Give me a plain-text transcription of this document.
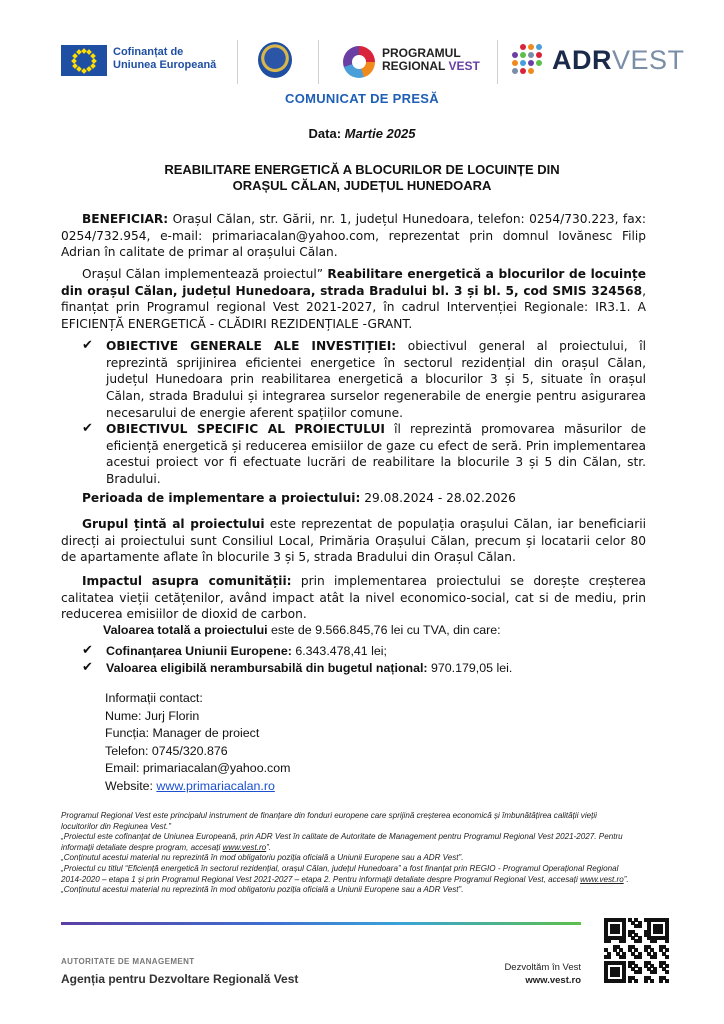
Cofinanțat de
Uniunea Europeană
PROGRAMUL
REGIONAL VEST	ADRVEST
COMUNICAT DE PRESĂ
Data: Martie 2025
REABILITARE ENERGETICĂ A BLOCURILOR DE LOCUINȚE DIN
ORAȘUL CĂLAN, JUDEȚUL HUNEDOARA
BENEFICIAR: Orașul Călan, str. Gării, nr. 1, județul Hunedoara, telefon: 0254/730.223, fax: 0254/732.954, e-mail: primariacalan@yahoo.com, reprezentat prin domnul Iovănesc Filip Adrian în calitate de primar al orașului Călan.
Orașul Călan implementează proiectul” Reabilitare energetică a blocurilor de locuințe din orașul Călan, județul Hunedoara, strada Bradului bl. 3 și bl. 5, cod SMIS 324568, finanțat prin Programul regional Vest 2021-2027, în cadrul Intervenției Regionale: IR3.1. A EFICIENȚĂ ENERGETICĂ - CLĂDIRI REZIDENȚIALE -GRANT.
✔ OBIECTIVE GENERALE ALE INVESTIȚIEI: obiectivul general al proiectului, îl reprezintă sprijinirea eficientei energetice în sectorul rezidențial din orașul Călan, județul Hunedoara prin reabilitarea energetică a blocurilor 3 și 5, situate în orașul Călan, strada Bradului și integrarea surselor regenerabile de energie pentru asigurarea necesarului de energie aferent spațiilor comune.
✔ OBIECTIVUL SPECIFIC AL PROIECTULUI îl reprezintă promovarea măsurilor de eficiență energetică și reducerea emisiilor de gaze cu efect de seră. Prin implementarea acestui proiect vor fi efectuate lucrări de reabilitare la blocurile 3 și 5 din Călan, str. Bradului.
Perioada de implementare a proiectului: 29.08.2024 - 28.02.2026
Grupul țintă al proiectului este reprezentat de populația orașului Călan, iar beneficiarii direcți ai proiectului sunt Consiliul Local, Primăria Orașului Călan, precum și locatarii celor 80 de apartamente aflate în blocurile 3 și 5, strada Bradului din Orașul Călan.
Impactul asupra comunității: prin implementarea proiectului se dorește creșterea calitatea vieții cetățenilor, având impact atât la nivel economico-social, cat si de mediu, prin reducerea emisiilor de dioxid de carbon.
Valoarea totală a proiectului este de 9.566.845,76 lei cu TVA, din care:
✔ Cofinanțarea Uniunii Europene: 6.343.478,41 lei;
✔ Valoarea eligibilă nerambursabilă din bugetul național: 970.179,05 lei.
Informații contact:
Nume: Jurj Florin
Funcția: Manager de proiect
Telefon: 0745/320.876
Email: primariacalan@yahoo.com
Website: www.primariacalan.ro
Programul Regional Vest este principalul instrument de finanțare din fonduri europene care sprijină creșterea economică și îmbunătățirea calității vieții locuitorilor din Regiunea Vest.”
„Proiectul este cofinanțat de Uniunea Europeană, prin ADR Vest în calitate de Autoritate de Management pentru Programul Regional Vest 2021-2027. Pentru informații detaliate despre program, accesați www.vest.ro”.
„Conținutul acestui material nu reprezintă în mod obligatoriu poziția oficială a Uniunii Europene sau a ADR Vest”.
„Proiectul cu titlul “Eficiență energetică în sectorul rezidențial, orașul Călan, județul Hunedoara” a fost finanțat prin REGIO - Programul Operațional Regional 2014-2020 – etapa 1 și prin Programul Regional Vest 2021-2027 – etapa 2. Pentru informații detaliate despre Programul Regional Vest, accesați www.vest.ro”.
„Conținutul acestui material nu reprezintă în mod obligatoriu poziția oficială a Uniunii Europene sau a ADR Vest”.
AUTORITATE DE MANAGEMENT
Agenția pentru Dezvoltare Regională Vest
Dezvoltăm în Vest
www.vest.ro
